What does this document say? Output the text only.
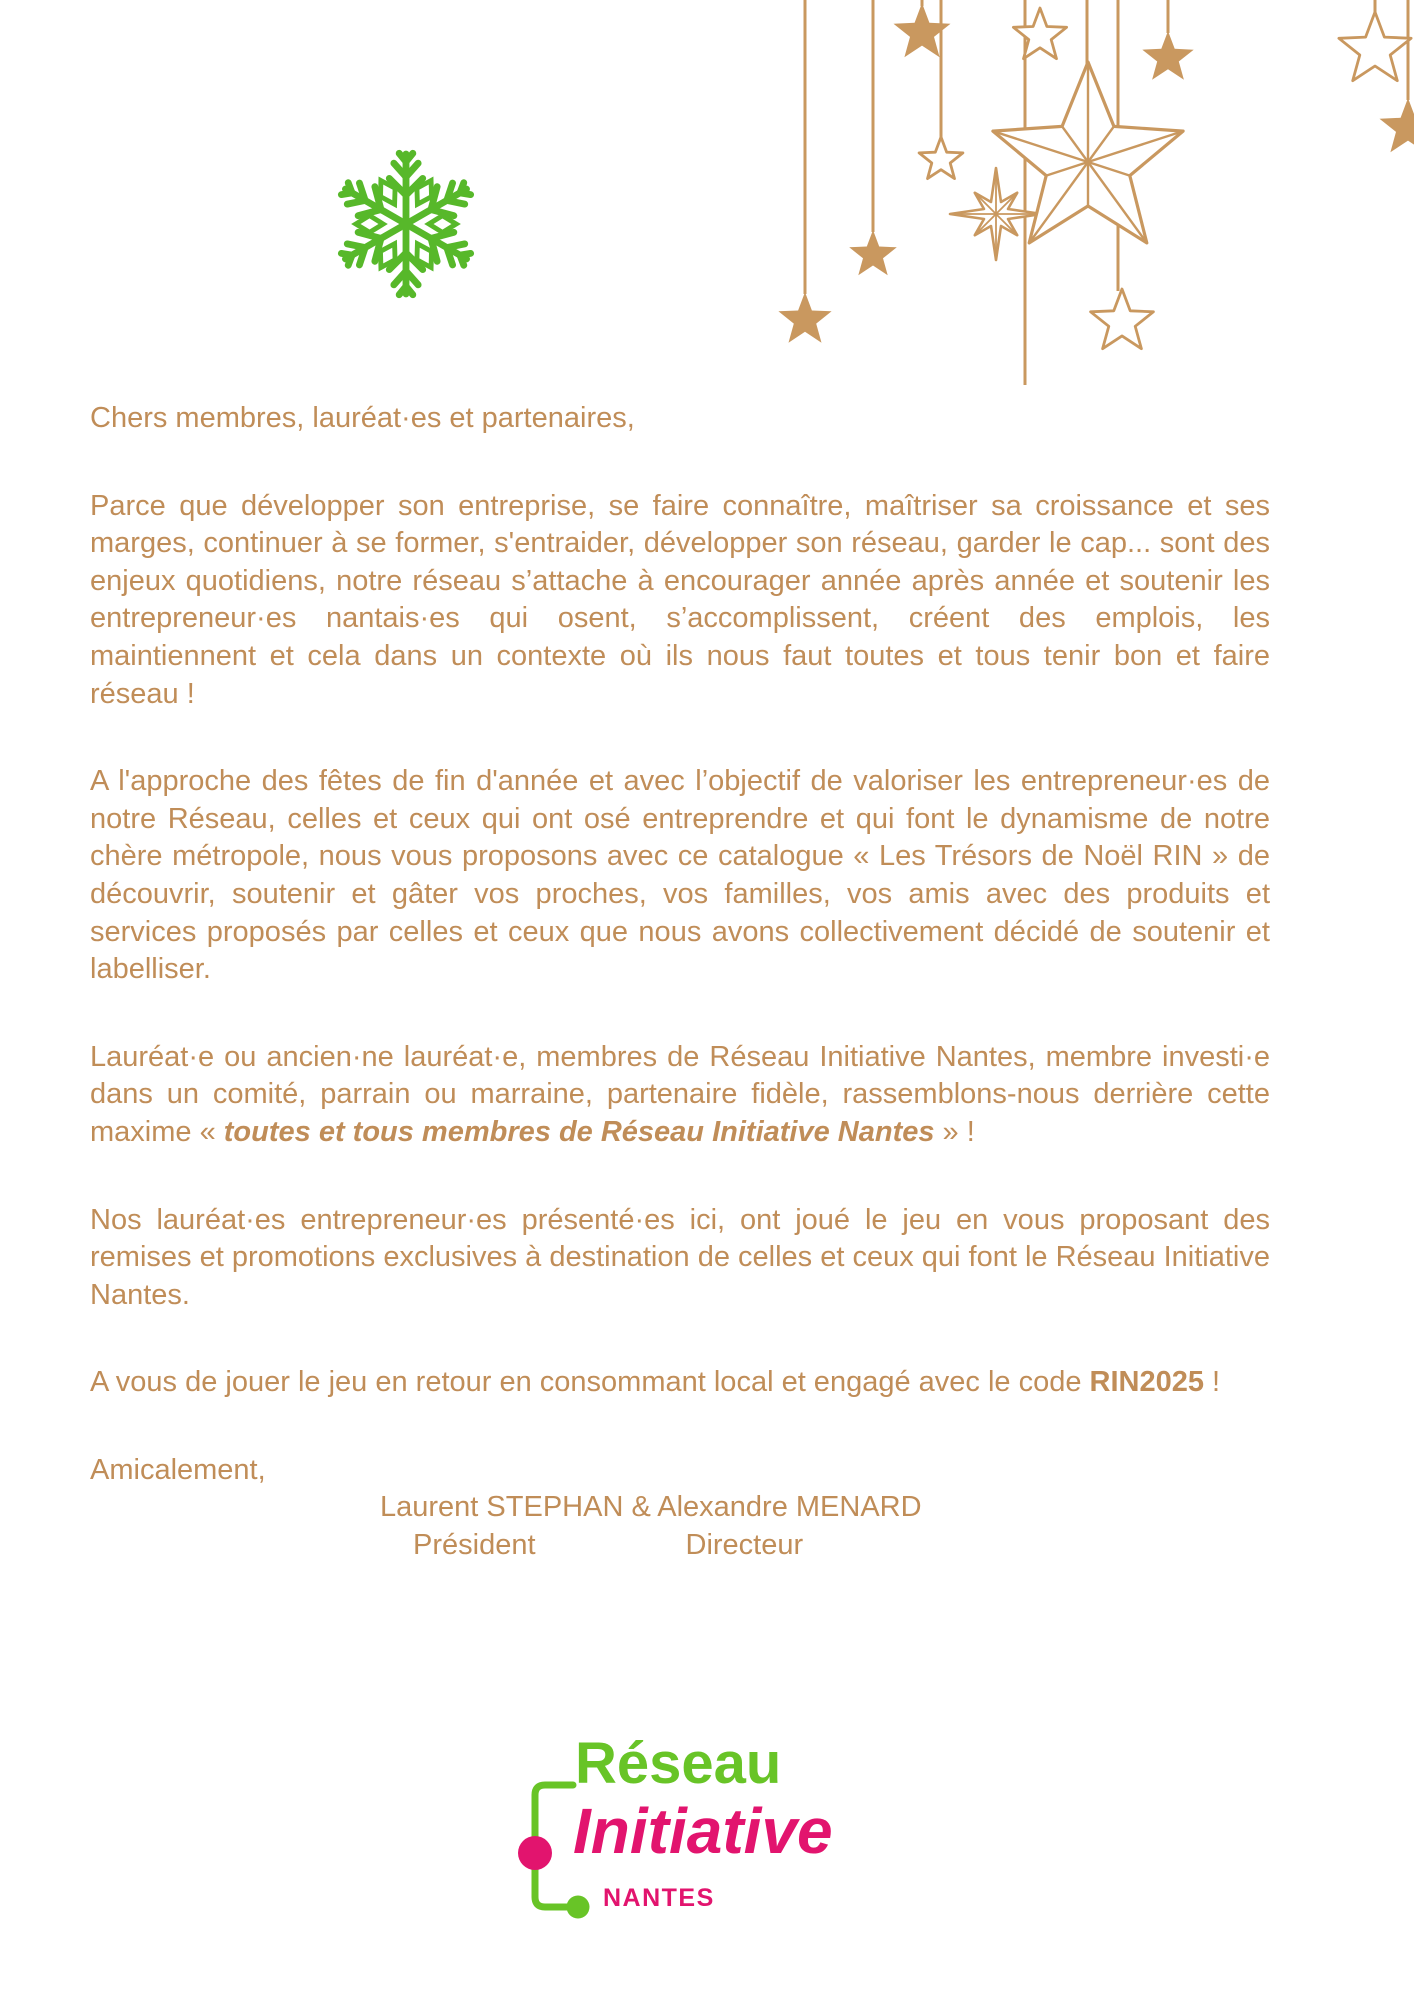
Chers membres, lauréat·es et partenaires,

Parce que développer son entreprise, se faire connaître, maîtriser sa croissance et ses marges, continuer à se former, s'entraider, développer son réseau, garder le cap... sont des enjeux quotidiens, notre réseau s’attache à encourager année après année et soutenir les entrepreneur·es nantais·es qui osent, s’accomplissent, créent des emplois, les maintiennent et cela dans un contexte où ils nous faut toutes et tous tenir bon et faire réseau !

A l'approche des fêtes de fin d'année et avec l’objectif de valoriser les entrepreneur·es de notre Réseau, celles et ceux qui ont osé entreprendre et qui font le dynamisme de notre chère métropole, nous vous proposons avec ce catalogue « Les Trésors de Noël RIN » de découvrir, soutenir et gâter vos proches, vos familles, vos amis avec des produits et services proposés par celles et ceux que nous avons collectivement décidé de soutenir et labelliser.

Lauréat·e ou ancien·ne lauréat·e, membres de Réseau Initiative Nantes, membre investi·e dans un comité, parrain ou marraine, partenaire fidèle, rassemblons-nous derrière cette maxime « toutes et tous membres de Réseau Initiative Nantes » !

Nos lauréat·es entrepreneur·es présenté·es ici, ont joué le jeu en vous proposant des remises et promotions exclusives à destination de celles et ceux qui font le Réseau Initiative Nantes.

A vous de jouer le jeu en retour en consommant local et engagé avec le code RIN2025 !

Amicalement,
Laurent STEPHAN & Alexandre MENARD
Président	Directeur
Réseau
Initiative
NANTES
